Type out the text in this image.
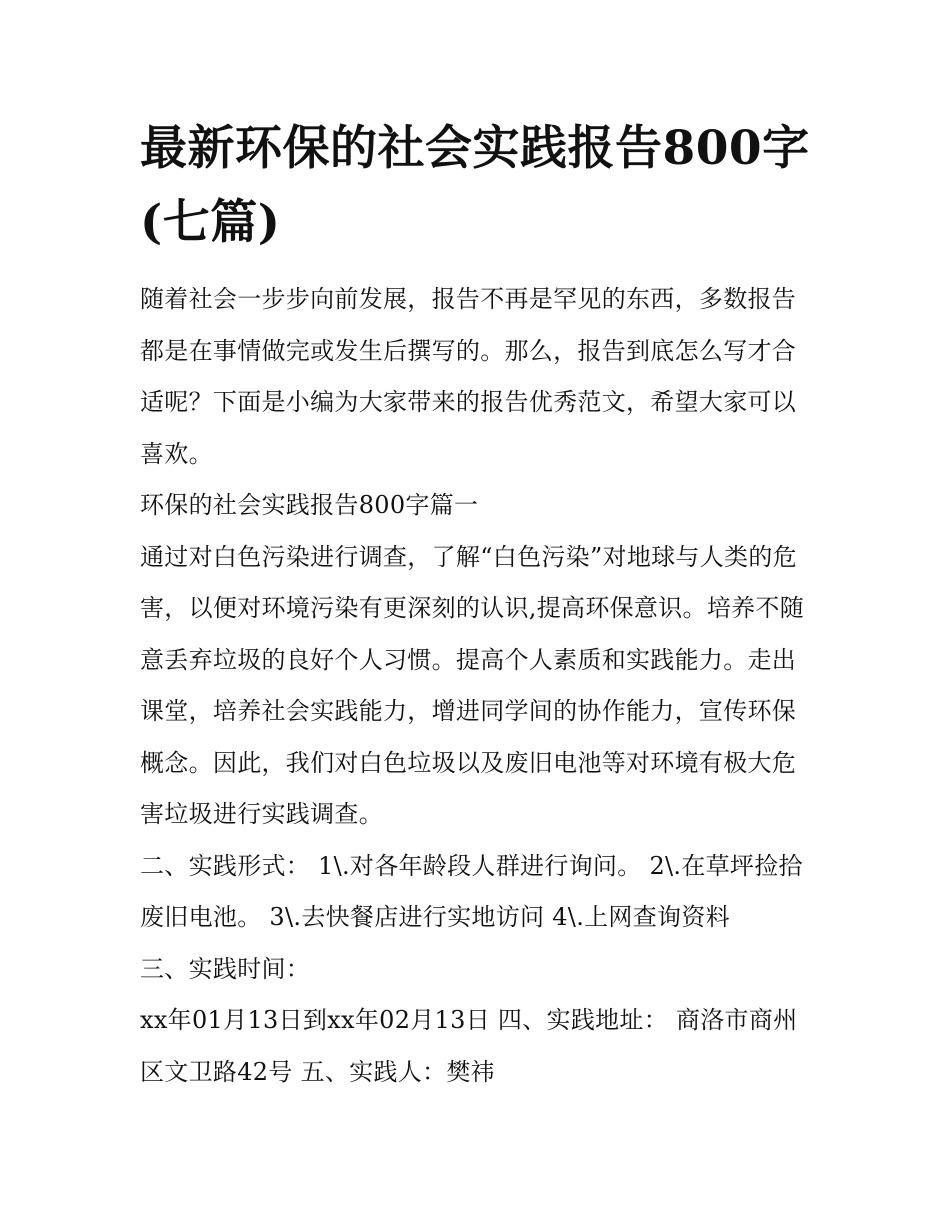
最新环保的社会实践报告800字(七篇)

随着社会一步步向前发展，报告不再是罕见的东西，多数报告都是在事情做完或发生后撰写的。那么，报告到底怎么写才合适呢？下面是小编为大家带来的报告优秀范文，希望大家可以喜欢。

环保的社会实践报告800字篇一

通过对白色污染进行调查，了解“白色污染”对地球与人类的危害，以便对环境污染有更深刻的认识,提高环保意识。培养不随意丢弃垃圾的良好个人习惯。提高个人素质和实践能力。走出课堂，培养社会实践能力，增进同学间的协作能力，宣传环保概念。因此，我们对白色垃圾以及废旧电池等对环境有极大危害垃圾进行实践调查。

二、实践形式： 1\.对各年龄段人群进行询问。 2\.在草坪捡拾废旧电池。 3\.去快餐店进行实地访问 4\.上网查询资料

三、实践时间：

xx年01月13日到xx年02月13日 四、实践地址： 商洛市商州区文卫路42号 五、实践人：樊祎
